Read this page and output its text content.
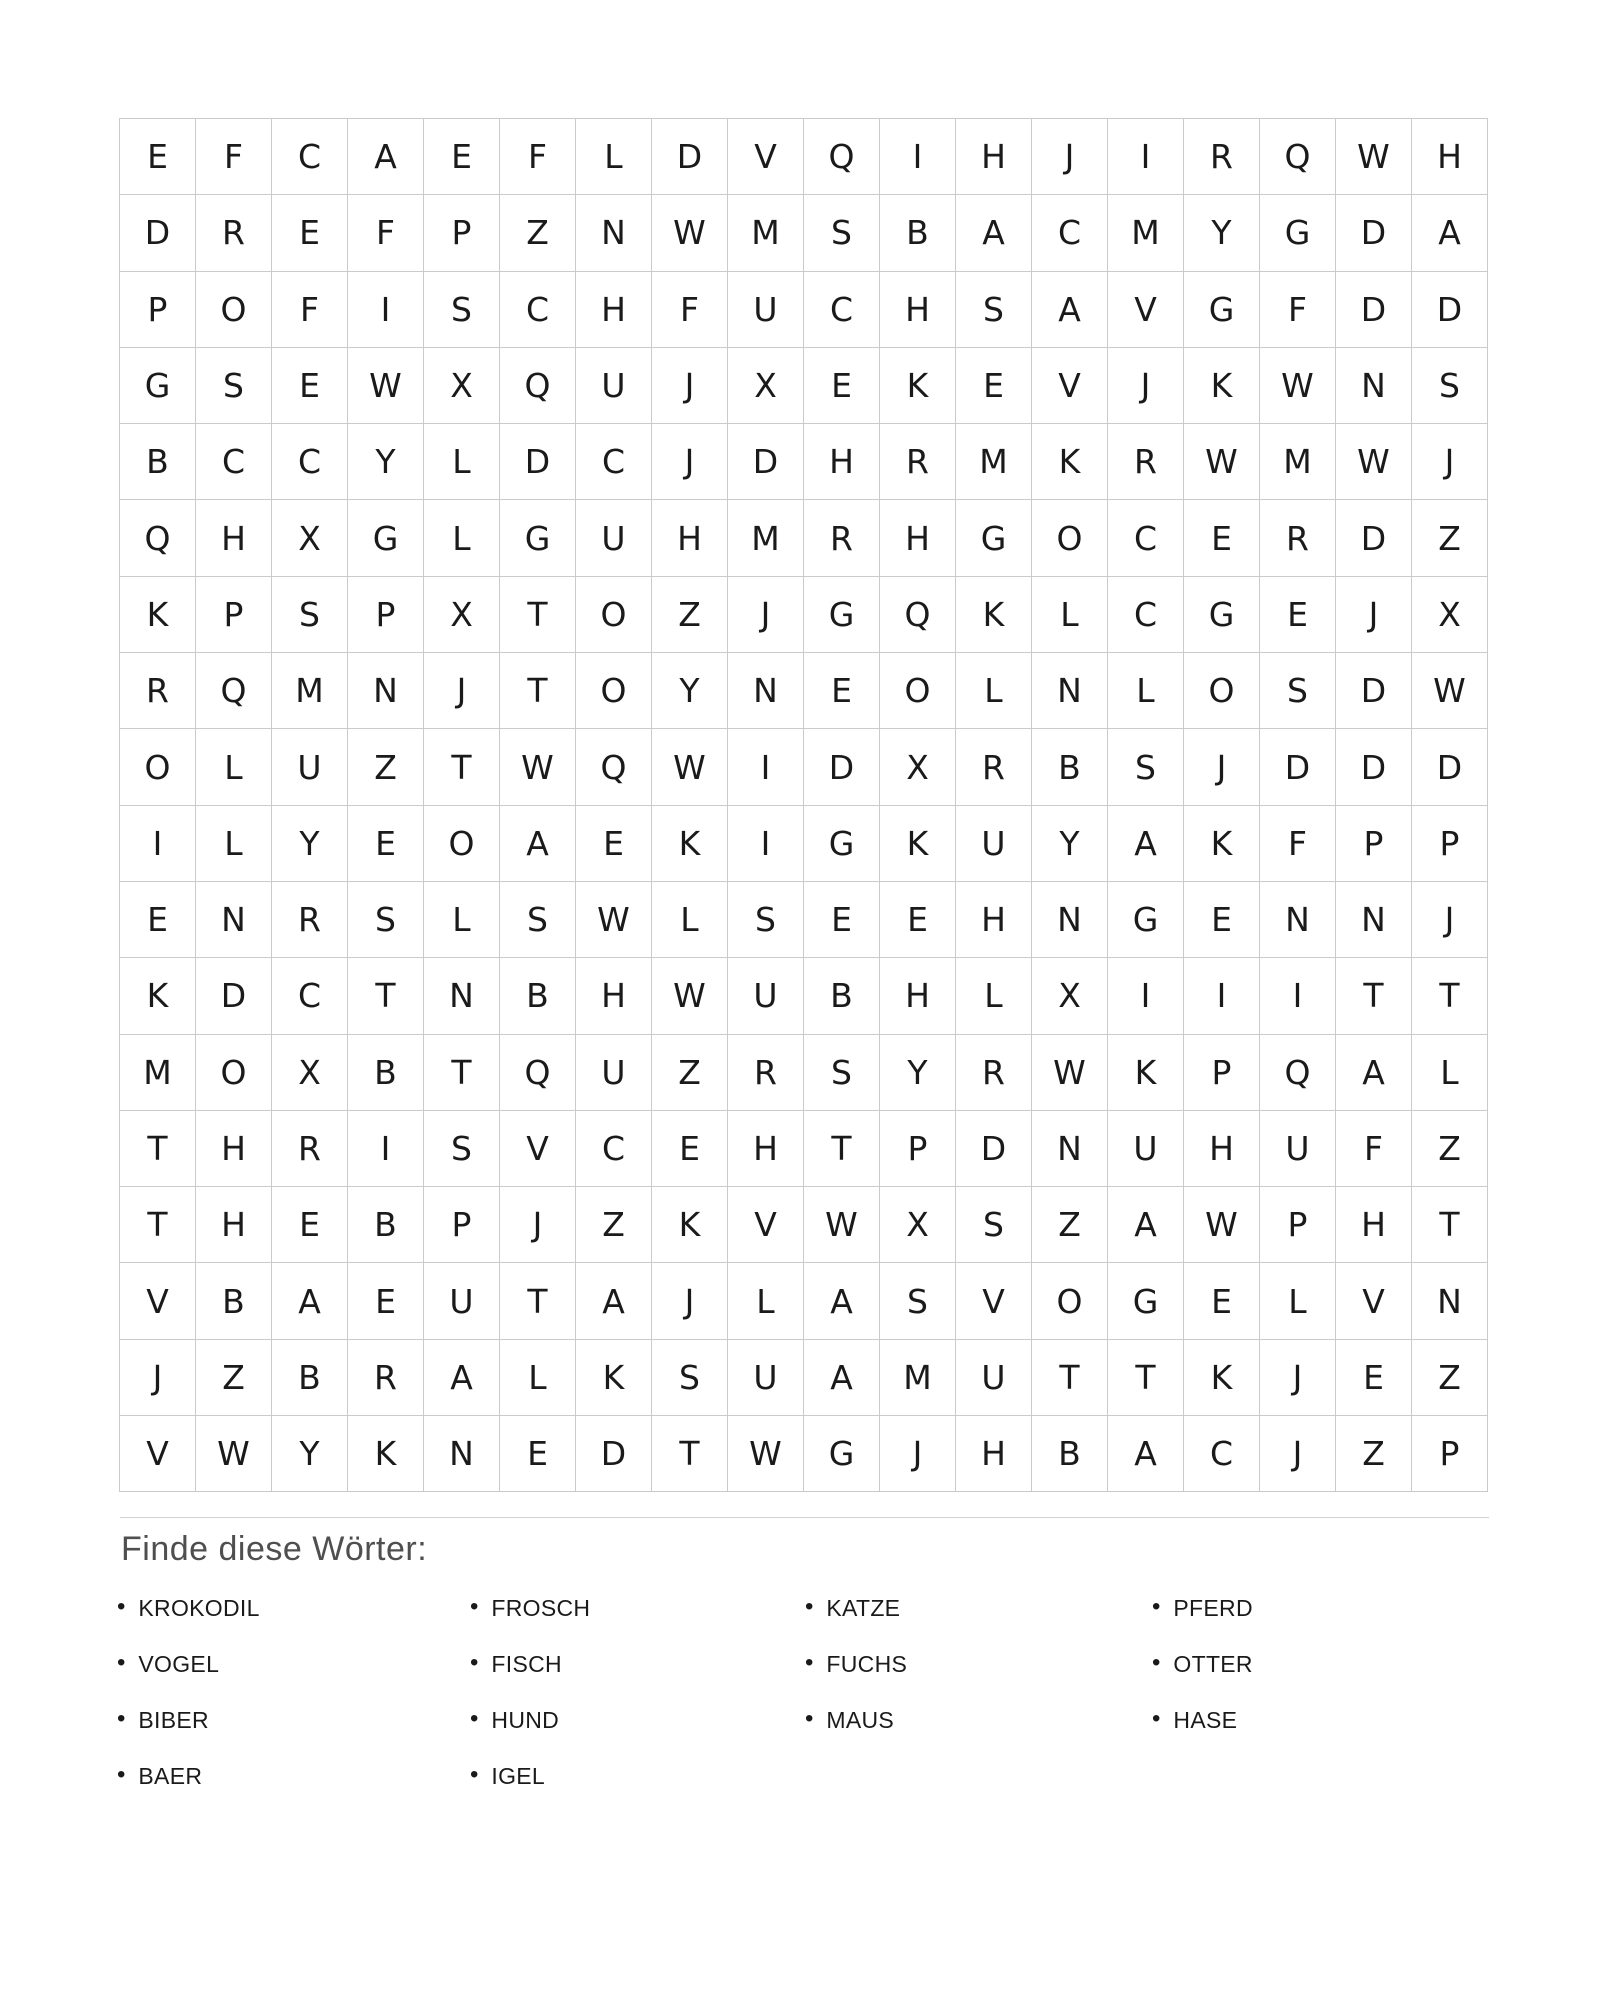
E	F	C	A	E	F	L	D	V	Q	I	H	J	I	R	Q	W	H
D	R	E	F	P	Z	N	W	M	S	B	A	C	M	Y	G	D	A
P	O	F	I	S	C	H	F	U	C	H	S	A	V	G	F	D	D
G	S	E	W	X	Q	U	J	X	E	K	E	V	J	K	W	N	S
B	C	C	Y	L	D	C	J	D	H	R	M	K	R	W	M	W	J
Q	H	X	G	L	G	U	H	M	R	H	G	O	C	E	R	D	Z
K	P	S	P	X	T	O	Z	J	G	Q	K	L	C	G	E	J	X
R	Q	M	N	J	T	O	Y	N	E	O	L	N	L	O	S	D	W
O	L	U	Z	T	W	Q	W	I	D	X	R	B	S	J	D	D	D
I	L	Y	E	O	A	E	K	I	G	K	U	Y	A	K	F	P	P
E	N	R	S	L	S	W	L	S	E	E	H	N	G	E	N	N	J
K	D	C	T	N	B	H	W	U	B	H	L	X	I	I	I	T	T
M	O	X	B	T	Q	U	Z	R	S	Y	R	W	K	P	Q	A	L
T	H	R	I	S	V	C	E	H	T	P	D	N	U	H	U	F	Z
T	H	E	B	P	J	Z	K	V	W	X	S	Z	A	W	P	H	T
V	B	A	E	U	T	A	J	L	A	S	V	O	G	E	L	V	N
J	Z	B	R	A	L	K	S	U	A	M	U	T	T	K	J	E	Z
V	W	Y	K	N	E	D	T	W	G	J	H	B	A	C	J	Z	P
Finde diese Wörter:
• KROKODIL	• FROSCH	• KATZE	• PFERD
• VOGEL	• FISCH	• FUCHS	• OTTER
• BIBER	• HUND	• MAUS	• HASE
• BAER	• IGEL
